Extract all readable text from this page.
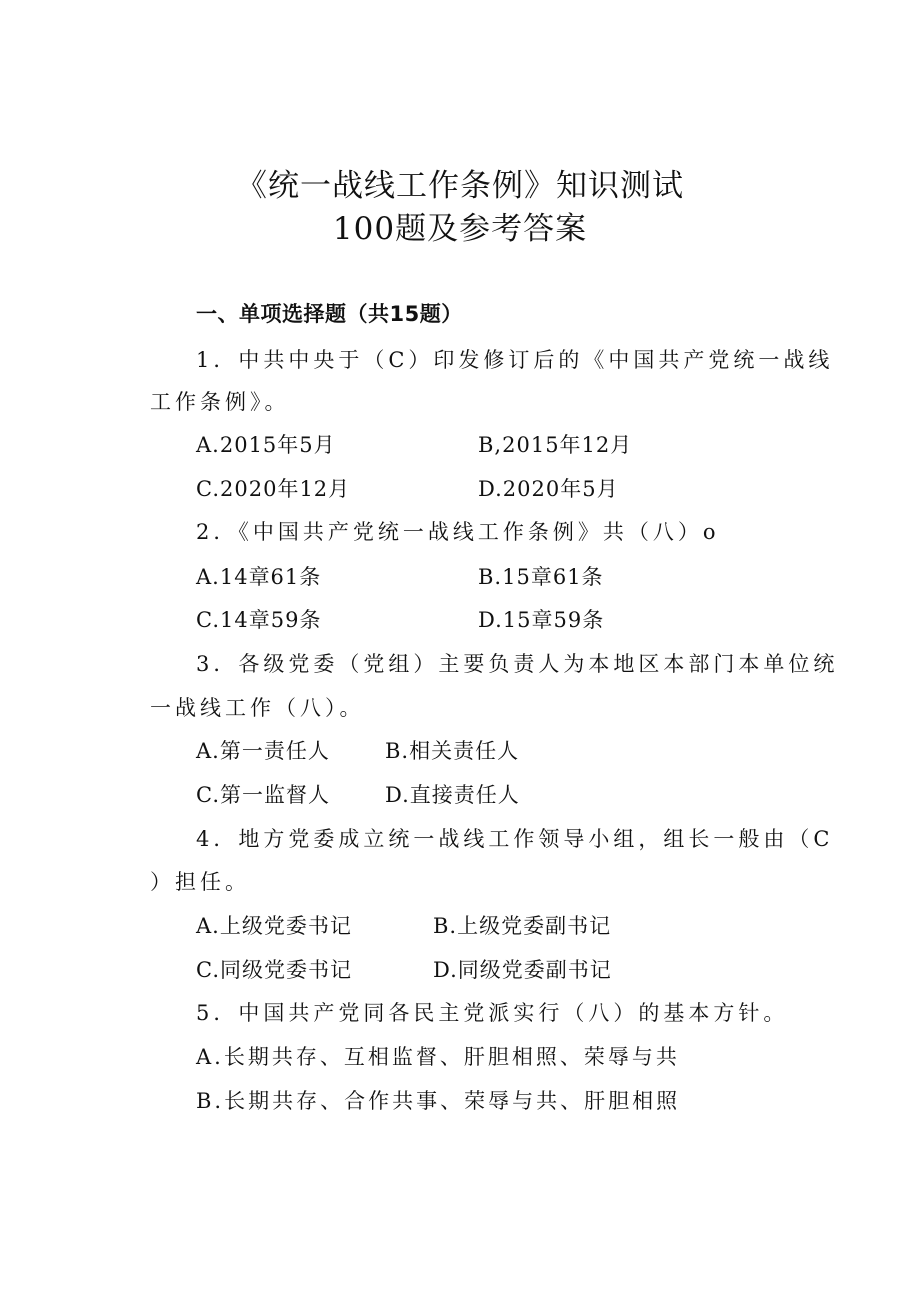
《统一战线工作条例》知识测试
100题及参考答案
一、单项选择题（共15题）
1．中共中央于（C）印发修订后的《中国共产党统一战线
工作条例》。
A.2015年5月	B,2015年12月
C.2020年12月	D.2020年5月
2．《中国共产党统一战线工作条例》共（八）o
A.14章61条	B.15章61条
C.14章59条	D.15章59条
3．各级党委（党组）主要负责人为本地区本部门本单位统
一战线工作（八）。
A.第一责任人	B.相关责任人
C.第一监督人	D.直接责任人
4．地方党委成立统一战线工作领导小组，组长一般由（C
）担任。
A.上级党委书记	B.上级党委副书记
C.同级党委书记	D.同级党委副书记
5．中国共产党同各民主党派实行（八）的基本方针。
A.长期共存、互相监督、肝胆相照、荣辱与共
B.长期共存、合作共事、荣辱与共、肝胆相照
